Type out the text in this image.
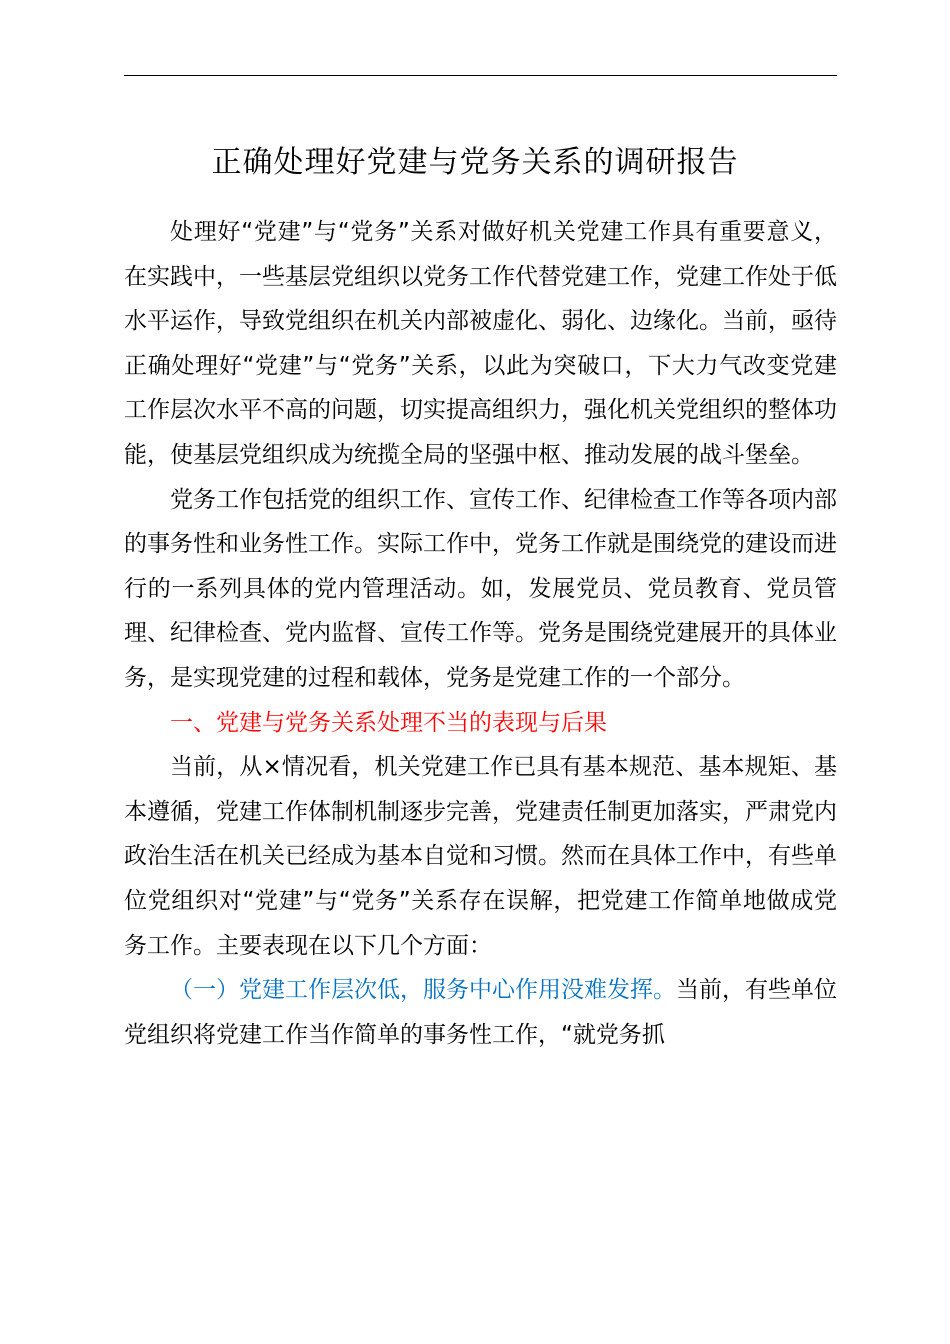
正确处理好党建与党务关系的调研报告

处理好“党建”与“党务”关系对做好机关党建工作具有重要意义，在实践中，一些基层党组织以党务工作代替党建工作，党建工作处于低水平运作，导致党组织在机关内部被虚化、弱化、边缘化。当前，亟待正确处理好“党建”与“党务”关系，以此为突破口，下大力气改变党建工作层次水平不高的问题，切实提高组织力，强化机关党组织的整体功能，使基层党组织成为统揽全局的坚强中枢、推动发展的战斗堡垒。

党务工作包括党的组织工作、宣传工作、纪律检查工作等各项内部的事务性和业务性工作。实际工作中，党务工作就是围绕党的建设而进行的一系列具体的党内管理活动。如，发展党员、党员教育、党员管理、纪律检查、党内监督、宣传工作等。党务是围绕党建展开的具体业务，是实现党建的过程和载体，党务是党建工作的一个部分。

一、党建与党务关系处理不当的表现与后果

当前，从×情况看，机关党建工作已具有基本规范、基本规矩、基本遵循，党建工作体制机制逐步完善，党建责任制更加落实，严肃党内政治生活在机关已经成为基本自觉和习惯。然而在具体工作中，有些单位党组织对“党建”与“党务”关系存在误解，把党建工作简单地做成党务工作。主要表现在以下几个方面：

（一）党建工作层次低，服务中心作用没难发挥。当前，有些单位党组织将党建工作当作简单的事务性工作，“就党务抓
